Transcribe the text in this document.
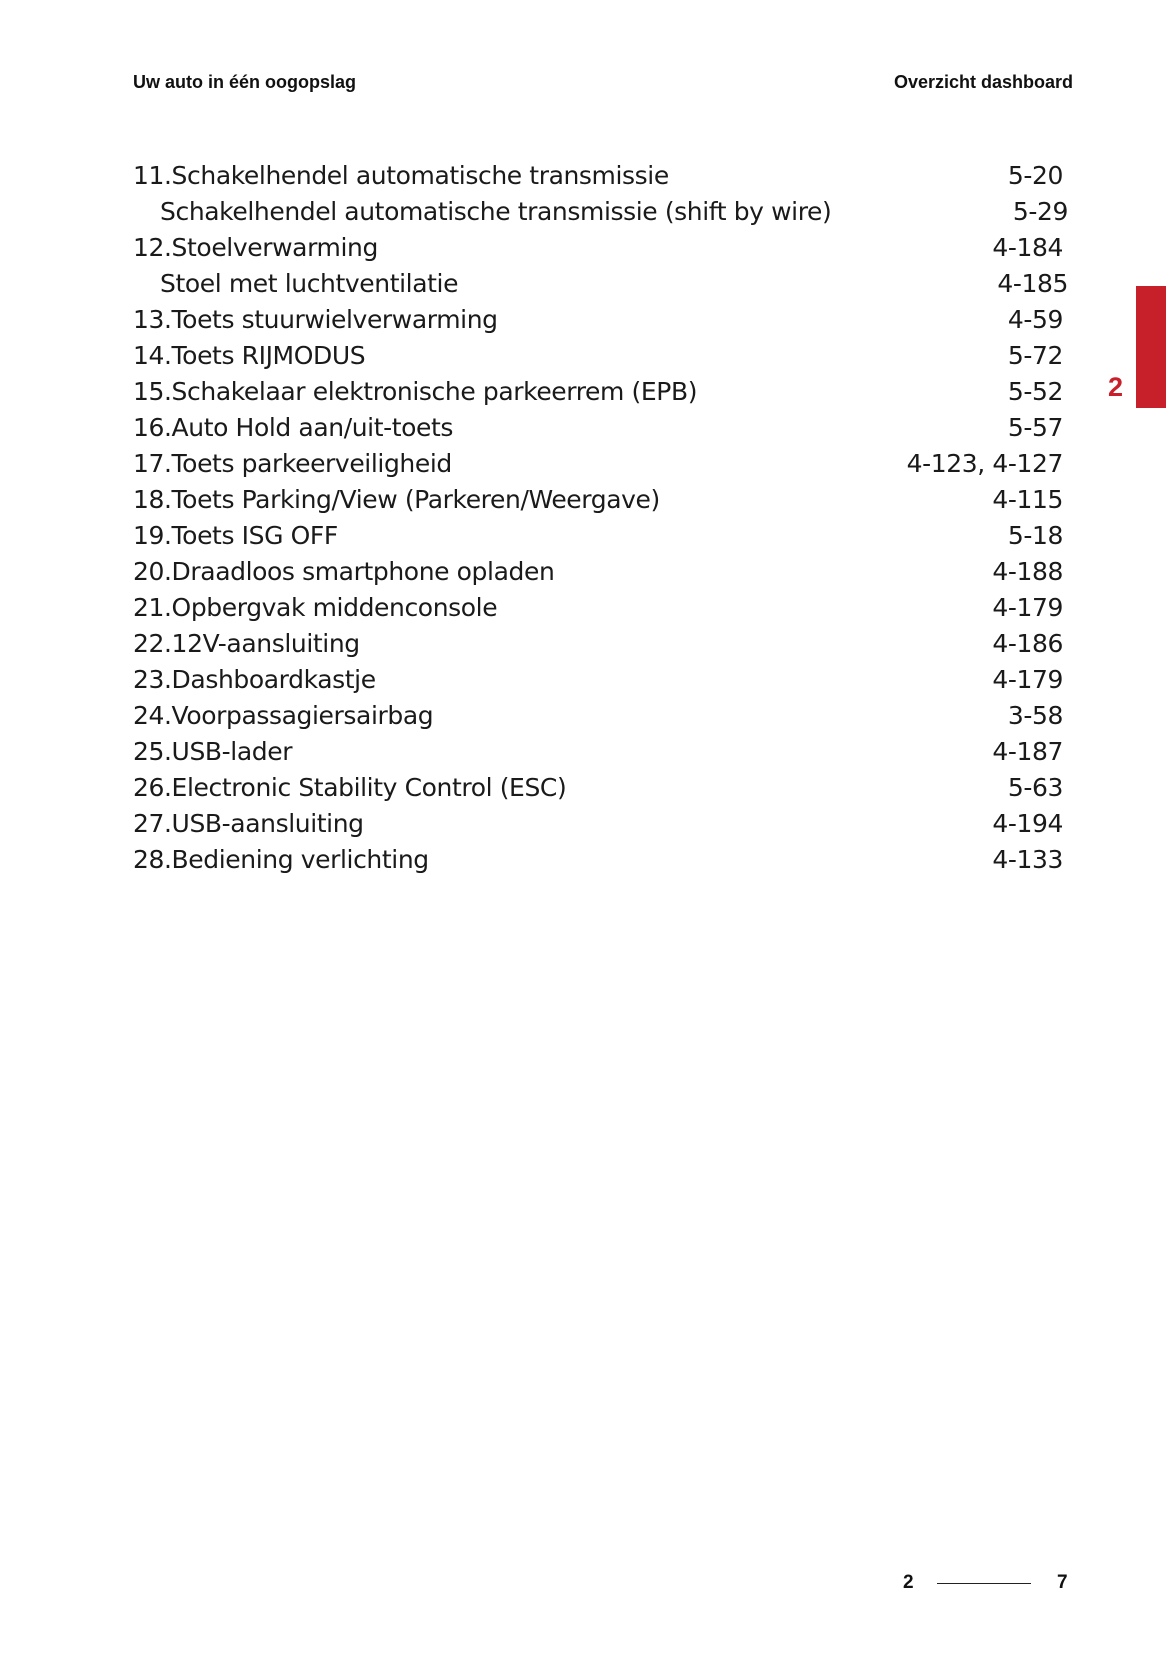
Uw auto in één oogopslag	Overzicht dashboard
11.Schakelhendel automatische transmissie	5-20
Schakelhendel automatische transmissie (shift by wire)	5-29
12.Stoelverwarming	4-184
Stoel met luchtventilatie	4-185
13.Toets stuurwielverwarming	4-59
14.Toets RIJMODUS	5-72
15.Schakelaar elektronische parkeerrem (EPB)	5-52
16.Auto Hold aan/uit-toets	5-57
17.Toets parkeerveiligheid	4-123, 4-127
18.Toets Parking/View (Parkeren/Weergave)	4-115
19.Toets ISG OFF	5-18
20.Draadloos smartphone opladen	4-188
21.Opbergvak middenconsole	4-179
22.12V-aansluiting	4-186
23.Dashboardkastje	4-179
24.Voorpassagiersairbag	3-58
25.USB-lader	4-187
26.Electronic Stability Control (ESC)	5-63
27.USB-aansluiting	4-194
28.Bediening verlichting	4-133
2
2	7
